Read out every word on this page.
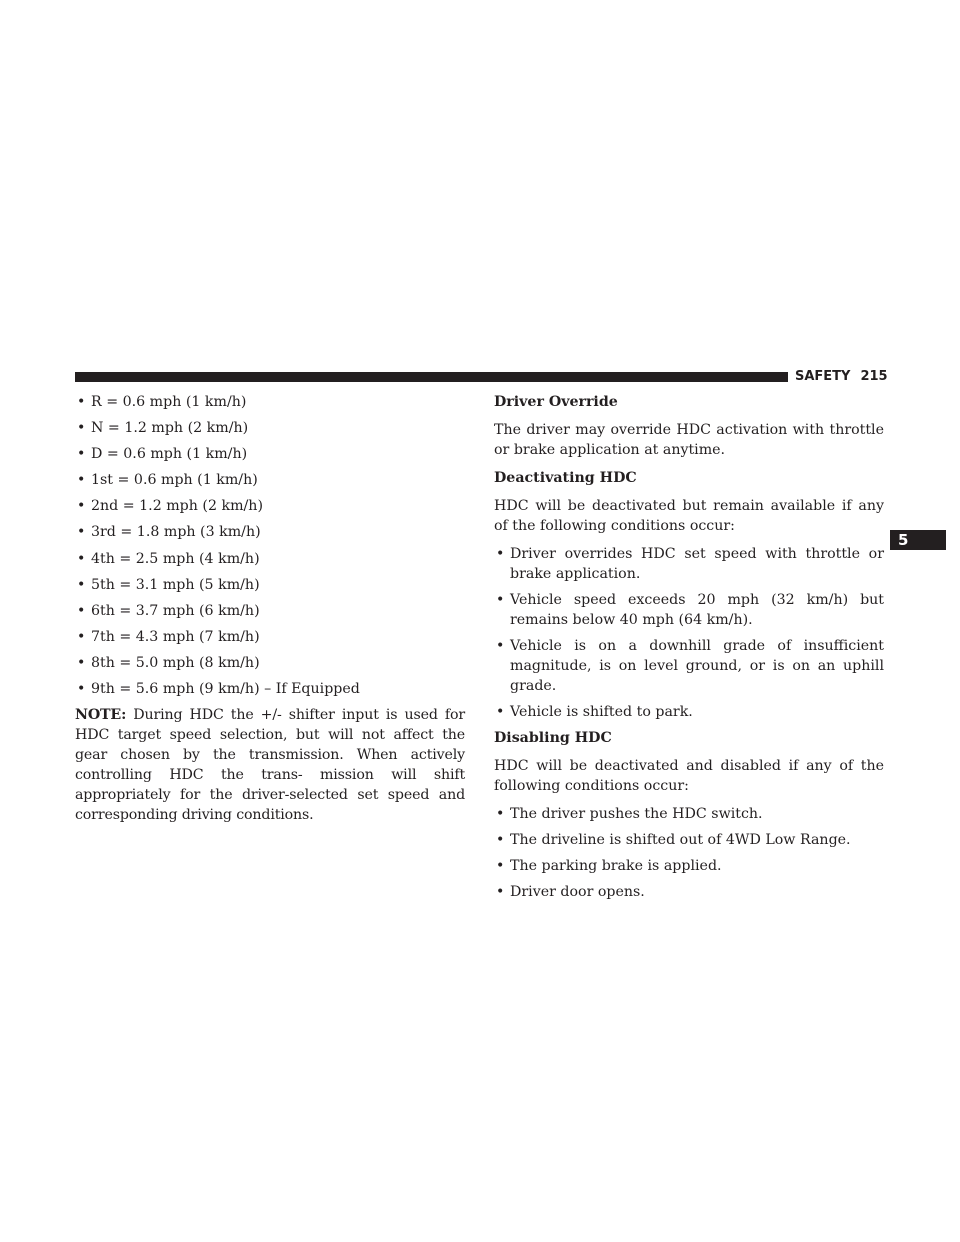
SAFETY 215
5
• R = 0.6 mph (1 km/h)
• N = 1.2 mph (2 km/h)
• D = 0.6 mph (1 km/h)
• 1st = 0.6 mph (1 km/h)
• 2nd = 1.2 mph (2 km/h)
• 3rd = 1.8 mph (3 km/h)
• 4th = 2.5 mph (4 km/h)
• 5th = 3.1 mph (5 km/h)
• 6th = 3.7 mph (6 km/h)
• 7th = 4.3 mph (7 km/h)
• 8th = 5.0 mph (8 km/h)
• 9th = 5.6 mph (9 km/h) – If Equipped

NOTE: During HDC the +/- shifter input is used for HDC target speed selection, but will not affect the gear chosen by the transmission. When actively controlling HDC the trans- mission will shift appropriately for the driver-selected set speed and corresponding driving conditions.

Driver Override

The driver may override HDC activation with throttle or brake application at anytime.

Deactivating HDC

HDC will be deactivated but remain available if any of the following conditions occur:

• Driver overrides HDC set speed with throttle or brake application.
• Vehicle speed exceeds 20 mph (32 km/h) but remains below 40 mph (64 km/h).
• Vehicle is on a downhill grade of insufficient magnitude, is on level ground, or is on an uphill grade.
• Vehicle is shifted to park.
Disabling HDC

HDC will be deactivated and disabled if any of the following conditions occur:

• The driver pushes the HDC switch.
• The driveline is shifted out of 4WD Low Range.
• The parking brake is applied.
• Driver door opens.
